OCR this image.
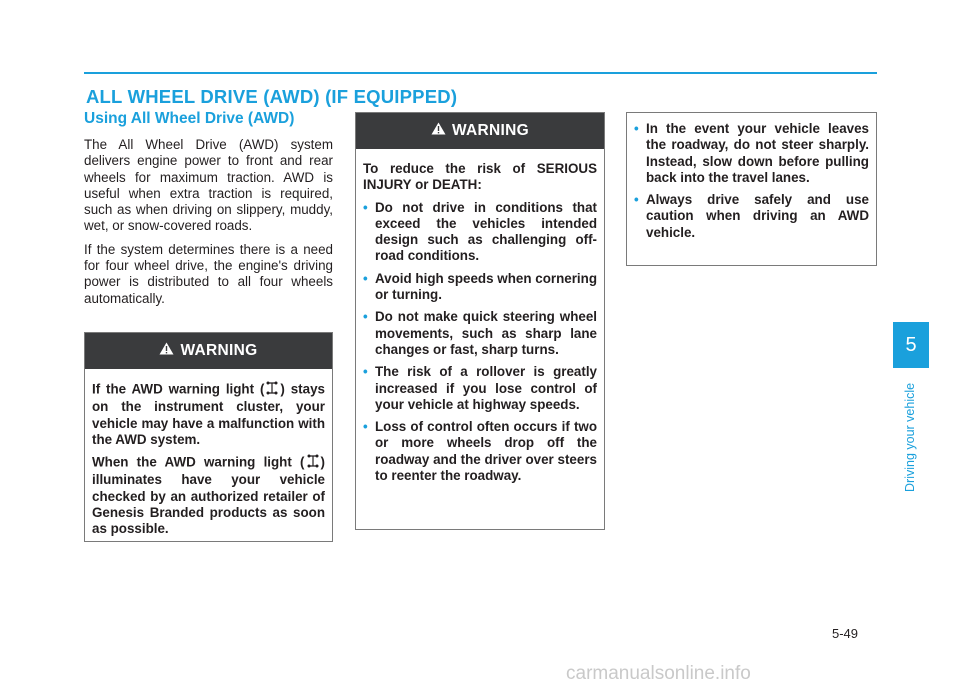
ALL WHEEL DRIVE (AWD) (IF EQUIPPED)
Using All Wheel Drive (AWD)

The All Wheel Drive (AWD) system delivers engine power to front and rear wheels for maximum traction. AWD is useful when extra traction is required, such as when driving on slippery, muddy, wet, or snow-covered roads.

If the system determines there is a need for four wheel drive, the engine's driving power is distributed to all four wheels automatically.

WARNING

If the AWD warning light ( ) stays on the instrument cluster, your vehicle may have a malfunction with the AWD system.

When the AWD warning light ( ) illuminates have your vehicle checked by an authorized retailer of Genesis Branded products as soon as possible.

WARNING

To reduce the risk of SERIOUS INJURY or DEATH:

• Do not drive in conditions that exceed the vehicles intended design such as challenging off-road conditions.
• Avoid high speeds when cornering or turning.
• Do not make quick steering wheel movements, such as sharp lane changes or fast, sharp turns.
• The risk of a rollover is greatly increased if you lose control of your vehicle at highway speeds.
• Loss of control often occurs if two or more wheels drop off the roadway and the driver over steers to reenter the roadway.
• In the event your vehicle leaves the roadway, do not steer sharply. Instead, slow down before pulling back into the travel lanes.
• Always drive safely and use caution when driving an AWD vehicle.
5
Driving your vehicle
5-49
carmanualsonline.info
